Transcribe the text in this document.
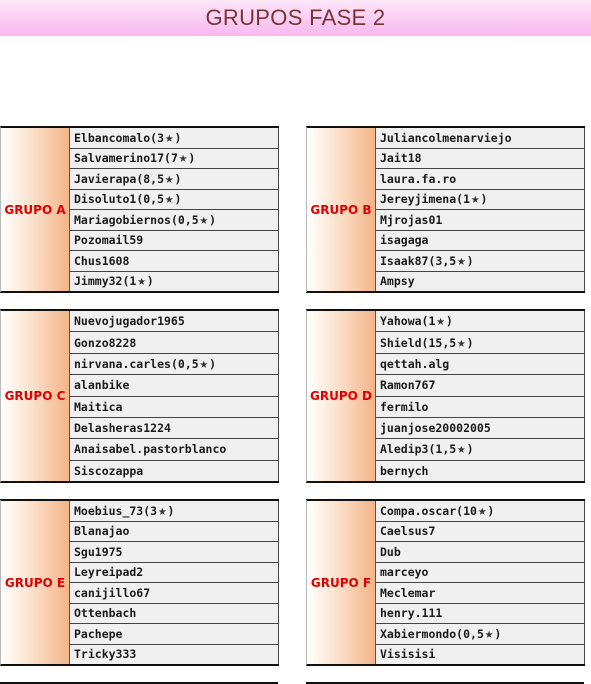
GRUPOS FASE 2
GRUPO A
Elbancomalo (3★)
Salvamerino17 (7★)
Javierapa (8,5★)
Disoluto1 (0,5★)
Mariagobiernos (0,5★)
Pozomail59
Chus1608
Jimmy32 (1★)
GRUPO B
Juliancolmenarviejo
Jait18
laura.fa.ro
Jereyjimena (1★)
Mjrojas01
isagaga
Isaak87 (3,5★)
Ampsy
GRUPO C
Nuevojugador1965
Gonzo8228
nirvana.carles (0,5★)
alanbike
Maitica
Delasheras1224
Anaisabel.pastorblanco
Siscozappa
GRUPO D
Yahowa (1★)
Shield (15,5★)
qettah.alg
Ramon767
fermilo
juanjose20002005
Aledip3 (1,5★)
bernych
GRUPO E
Moebius_73 (3★)
Blanajao
Sgu1975
Leyreipad2
canijillo67
Ottenbach
Pachepe
Tricky333
GRUPO F
Compa.oscar (10★)
Caelsus7
Dub
marceyo
Meclemar
henry.111
Xabiermondo (0,5★)
Visisisi
